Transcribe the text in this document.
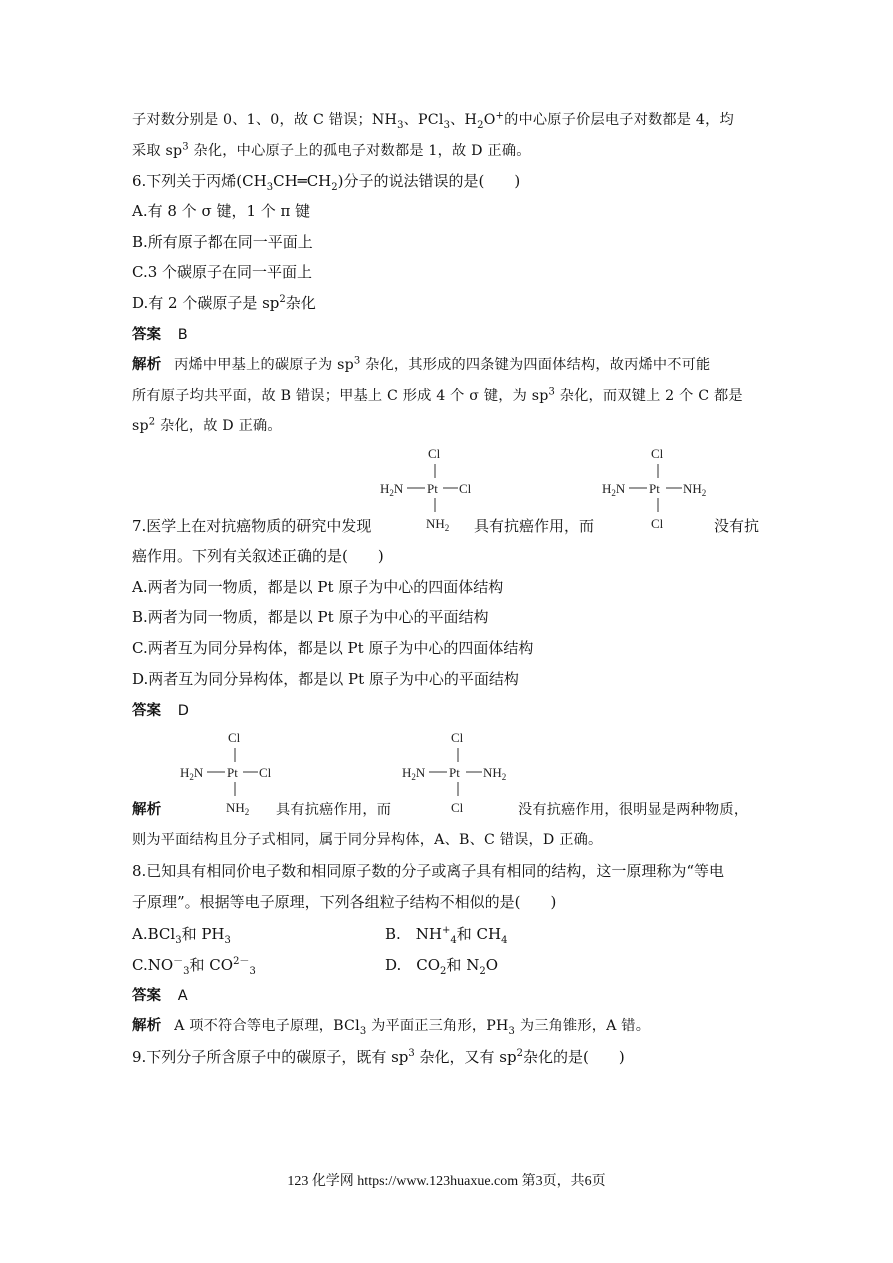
子对数分别是 0、1、0，故 C 错误；$NH_3$、PCl$_3$、$H_2O^+$的中心原子价层电子对数都是 4，均
采取 $sp^3$ 杂化，中心原子上的孤电子对数都是 1，故 D 正确。
6.下列关于丙烯$(CH_3CH═CH_2)$分子的说法错误的是(　　)
A.有 8 个 σ 键，1 个 π 键
B.所有原子都在同一平面上
C.3 个碳原子在同一平面上
D.有 2 个碳原子是 $sp^2$杂化
答案 B
解析 丙烯中甲基上的碳原子为 $sp^3$ 杂化，其形成的四条键为四面体结构，故丙烯中不可能
所有原子均共平面，故 B 错误；甲基上 C 形成 4 个 σ 键，为 $sp^3$ 杂化，而双键上 2 个 C 都是
$sp^2$ 杂化，故 D 正确。
Cl
$H_2N$ Pt Cl
$NH_2$
Cl
$H_2N$ Pt $NH_2$
Cl
7.医学上在对抗癌物质的研究中发现	具有抗癌作用，而	没有抗
癌作用。下列有关叙述正确的是(　　)
A.两者为同一物质，都是以 Pt 原子为中心的四面体结构
B.两者为同一物质，都是以 Pt 原子为中心的平面结构
C.两者互为同分异构体，都是以 Pt 原子为中心的四面体结构
D.两者互为同分异构体，都是以 Pt 原子为中心的平面结构
答案 D
Cl
$H_2N$ Pt Cl
$NH_2$
Cl
$H_2N$ Pt $NH_2$
Cl
解析	具有抗癌作用，而	没有抗癌作用，很明显是两种物质，
则为平面结构且分子式相同，属于同分异构体，A、B、C 错误，D 正确。
8.已知具有相同价电子数和相同原子数的分子或离子具有相同的结构，这一原理称为“等电
子原理”。根据等电子原理，下列各组粒子结构不相似的是(　　)
A.BCl$_3$和 $PH_3$	B.　$NH^+_4$和 $CH_4$
$C.NO^-_3$和 $CO^{2-}_3$	D.　$CO_2$和 $N_2O$
答案 A
解析 A 项不符合等电子原理，BCl$_3$ 为平面正三角形，$PH_3$ 为三角锥形，A 错。
9.下列分子所含原子中的碳原子，既有 $sp^3$ 杂化，又有 $sp^2$杂化的是(　　)
123 化学网 https://www.123huaxue.com 第3页，共6页
